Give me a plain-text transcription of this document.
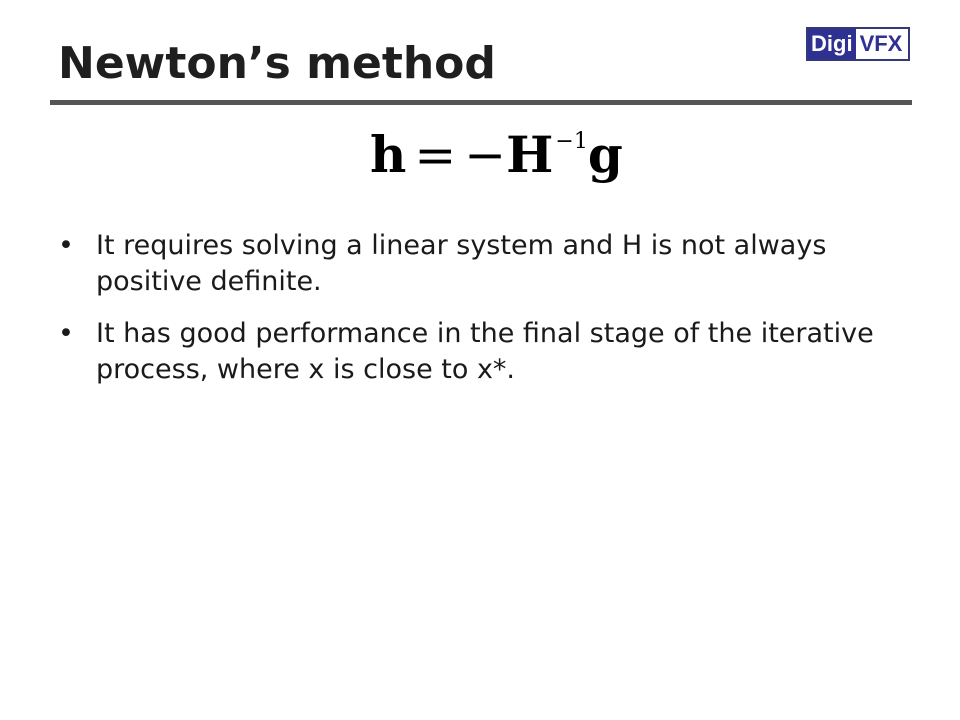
Newton’s method	Digi VFX
$h = -H^{-1}g$
• It requires solving a linear system and H is not always positive definite.
• It has good performance in the final stage of the iterative process, where x is close to x*.
